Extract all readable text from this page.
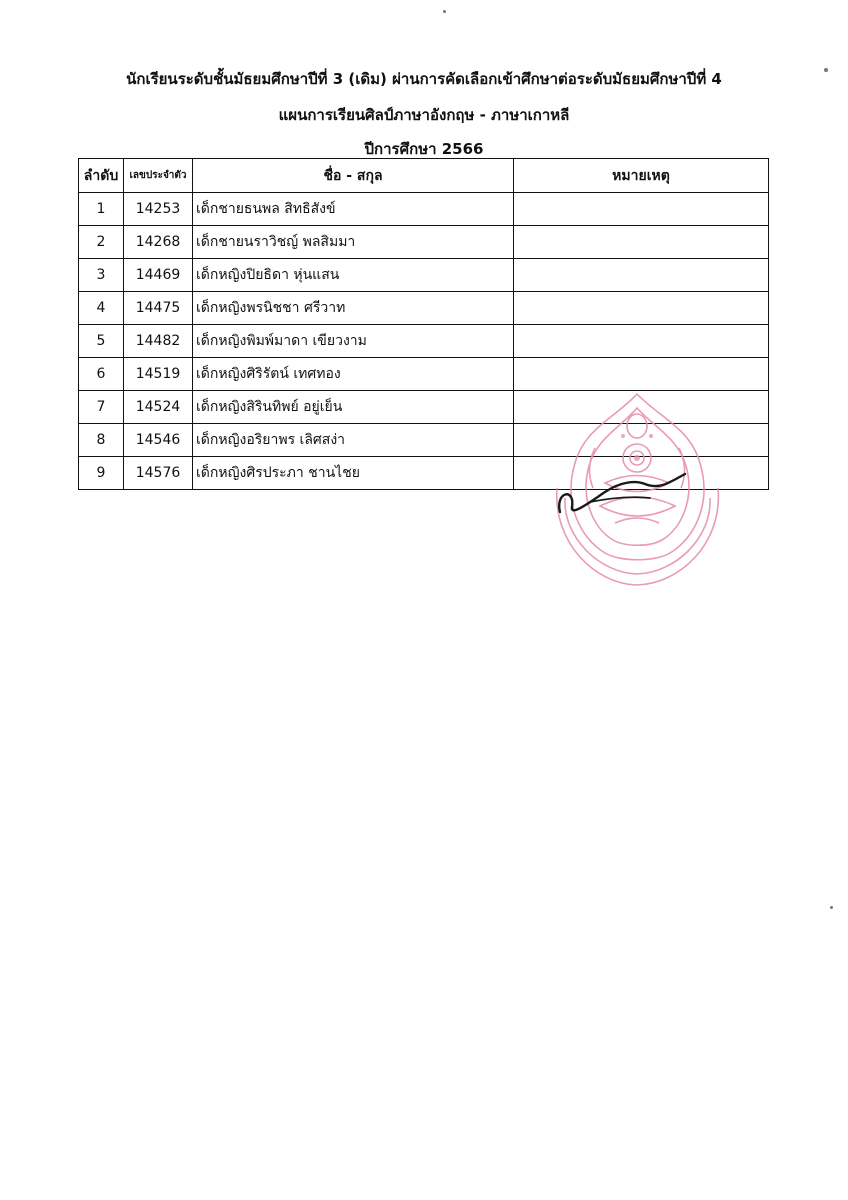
นักเรียนระดับชั้นมัธยมศึกษาปีที่ 3 (เดิม) ผ่านการคัดเลือกเข้าศึกษาต่อระดับมัธยมศึกษาปีที่ 4
แผนการเรียนศิลป์ภาษาอังกฤษ - ภาษาเกาหลี
ปีการศึกษา 2566
ลำดับ	เลขประจำตัว	ชื่อ - สกุล	หมายเหตุ
1	14253	เด็กชายธนพล สิทธิสังข์	
2	14268	เด็กชายนราวิชญ์ พลสิมมา	
3	14469	เด็กหญิงปิยธิดา หุ่นแสน	
4	14475	เด็กหญิงพรนิชชา ศรีวาท	
5	14482	เด็กหญิงพิมพ์มาดา เขียวงาม	
6	14519	เด็กหญิงศิริรัตน์ เทศทอง	
7	14524	เด็กหญิงสิรินทิพย์ อยู่เย็น	
8	14546	เด็กหญิงอริยาพร เลิศสง่า	
9	14576	เด็กหญิงศิรประภา ชานไชย	
